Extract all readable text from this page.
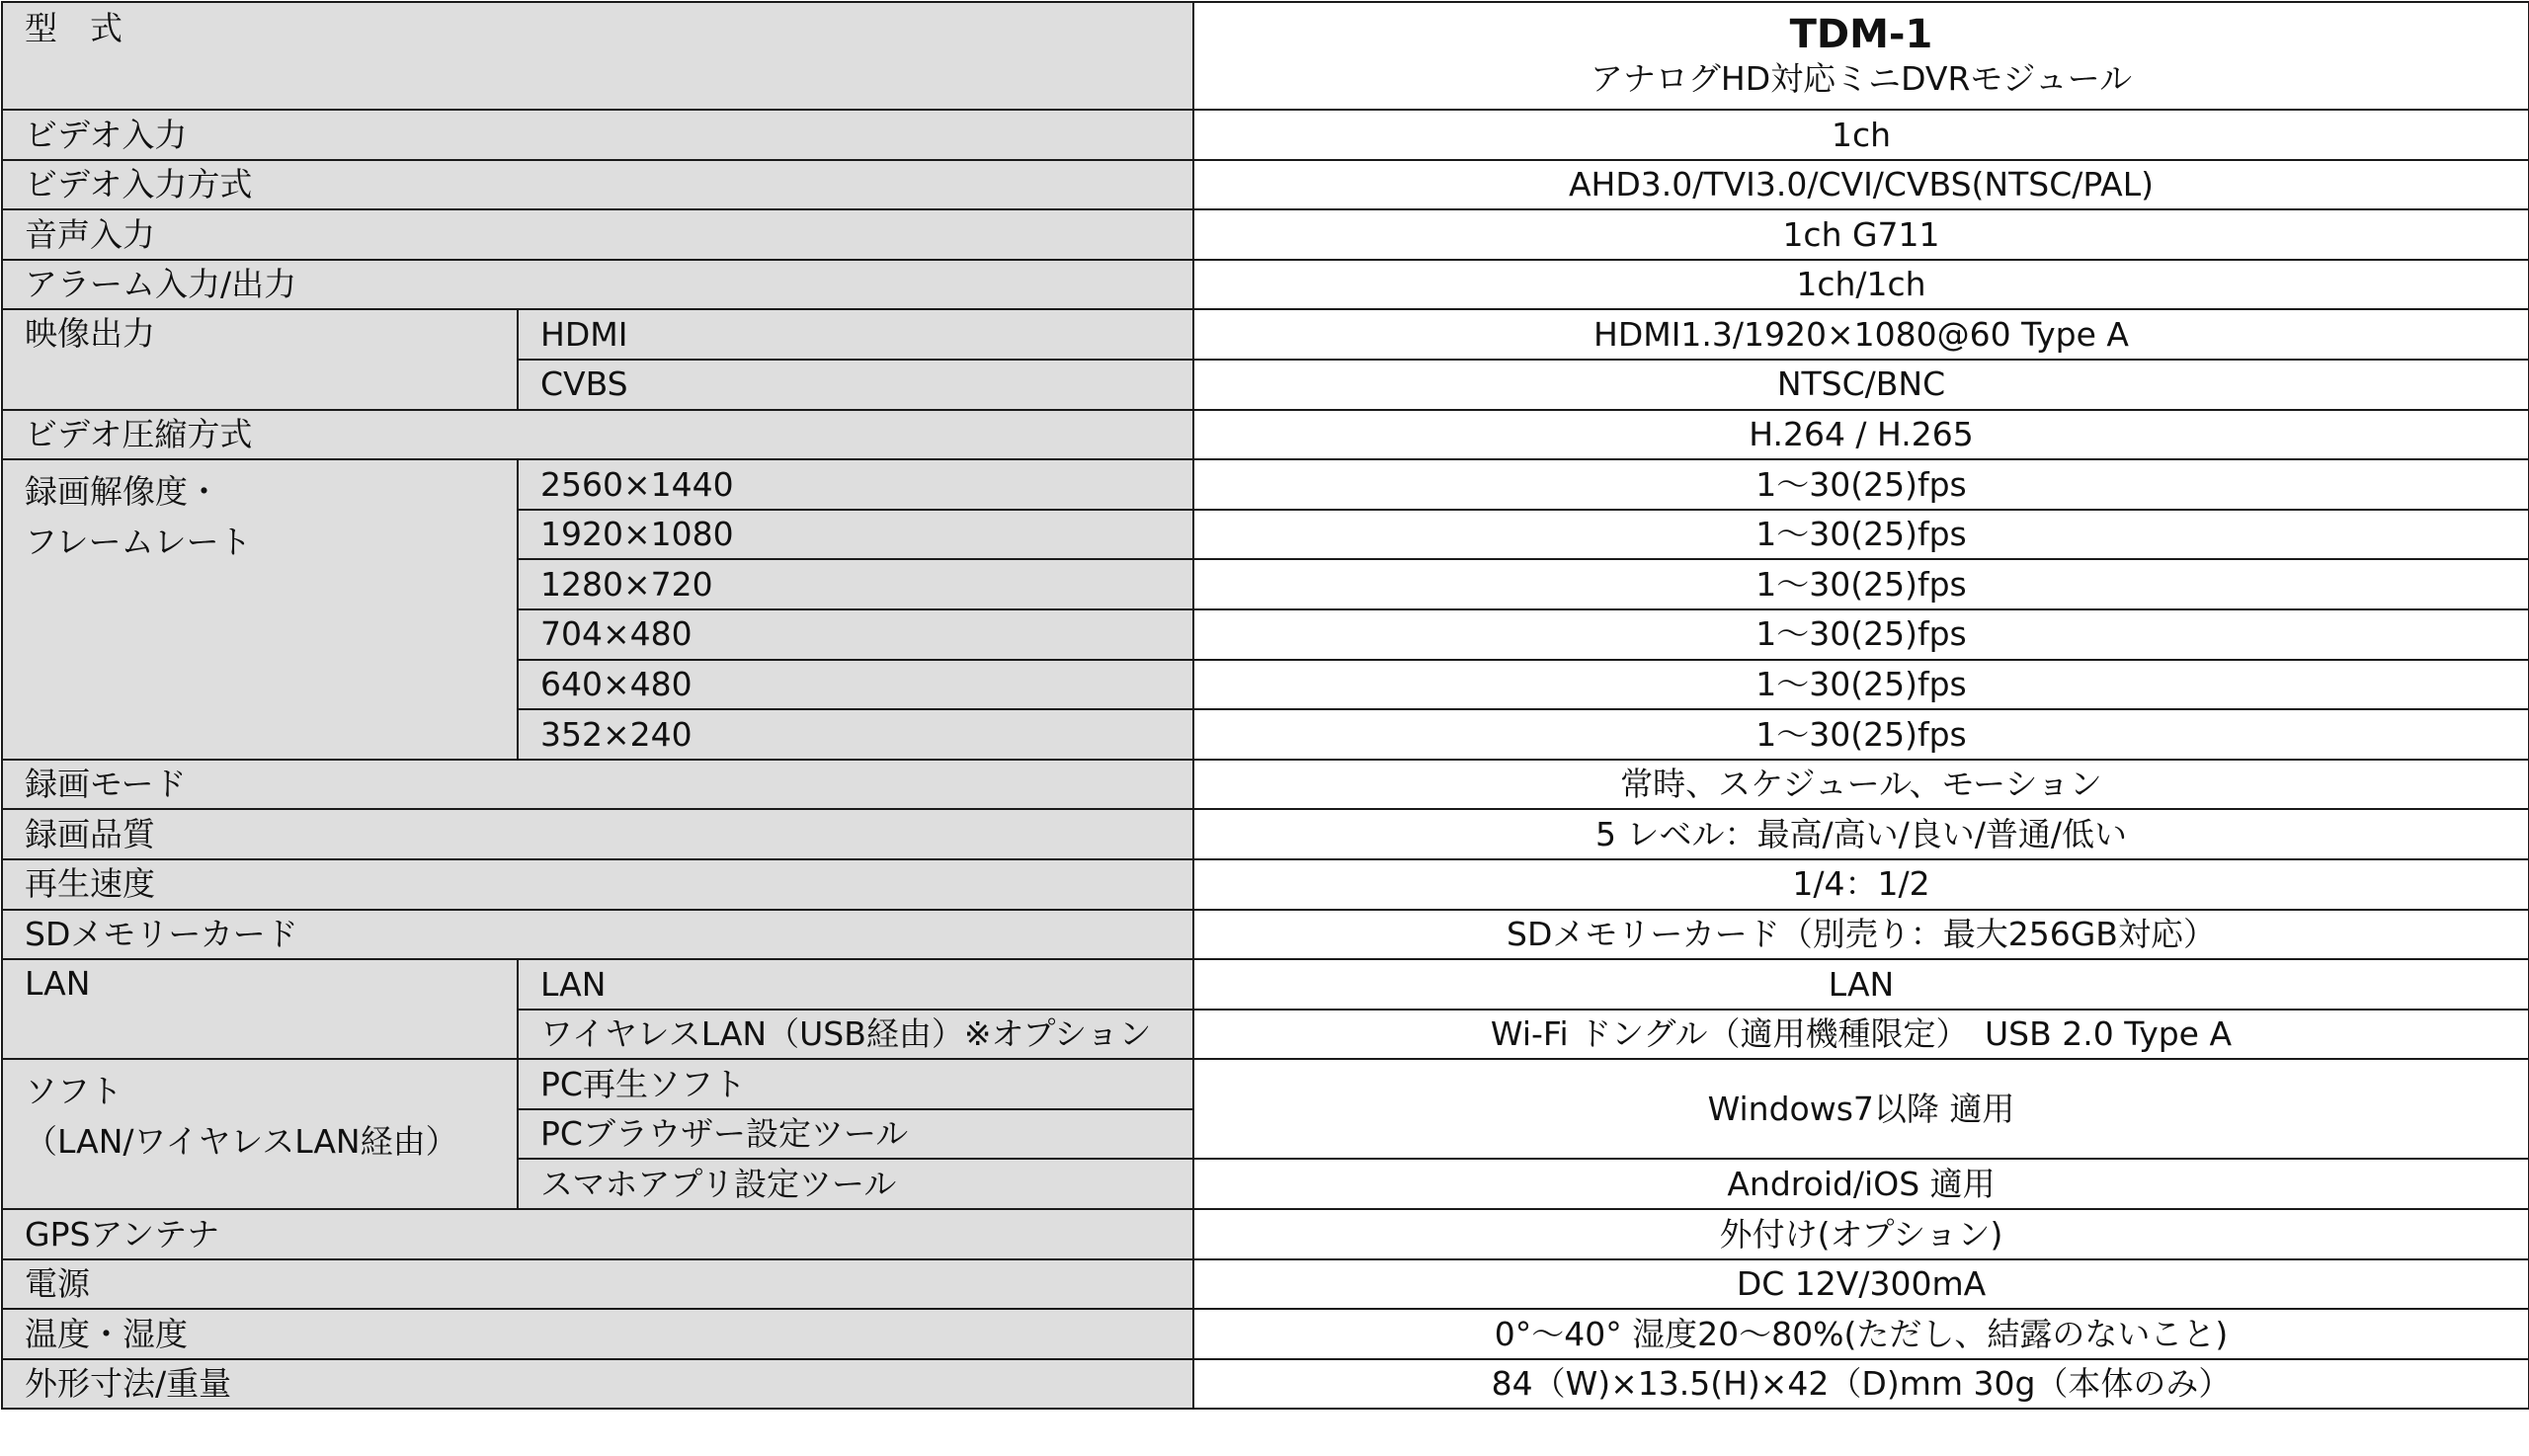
型　式		TDM-1
アナログHD対応ミニDVRモジュール

ビデオ入力		1ch
ビデオ入力方式		AHD3.0/TVI3.0/CVI/CVBS(NTSC/PAL)
音声入力		1ch G711
アラーム入力/出力		1ch/1ch
映像出力	HDMI	HDMI1.3/1920×1080@60 Type A
	CVBS	NTSC/BNC
ビデオ圧縮方式		H.264 / H.265
録画解像度・
フレームレート	2560×1440	1～30(25)fps
	1920×1080	1～30(25)fps
	1280×720	1～30(25)fps
	704×480	1～30(25)fps
	640×480	1～30(25)fps
	352×240	1～30(25)fps
録画モード		常時、スケジュール、モーション
録画品質		5 レベル：最高/高い/良い/普通/低い
再生速度		1/4：1/2
SDメモリーカード		SDメモリーカード（別売り：最大256GB対応）
LAN	LAN	LAN
	ワイヤレスLAN（USB経由）※オプション	Wi-Fi ドングル（適用機種限定）　USB 2.0 Type A
ソフト
（LAN/ワイヤレスLAN経由）	PC再生ソフト	Windows7以降 適用
	PCブラウザー設定ツール	
	スマホアプリ設定ツール	Android/iOS 適用
GPSアンテナ		外付け(オプション)
電源		DC 12V/300mA
温度・湿度		0°～40° 湿度20～80%(ただし、結露のないこと)
外形寸法/重量		84（W)×13.5(H)×42（D)mm 30g（本体のみ）
